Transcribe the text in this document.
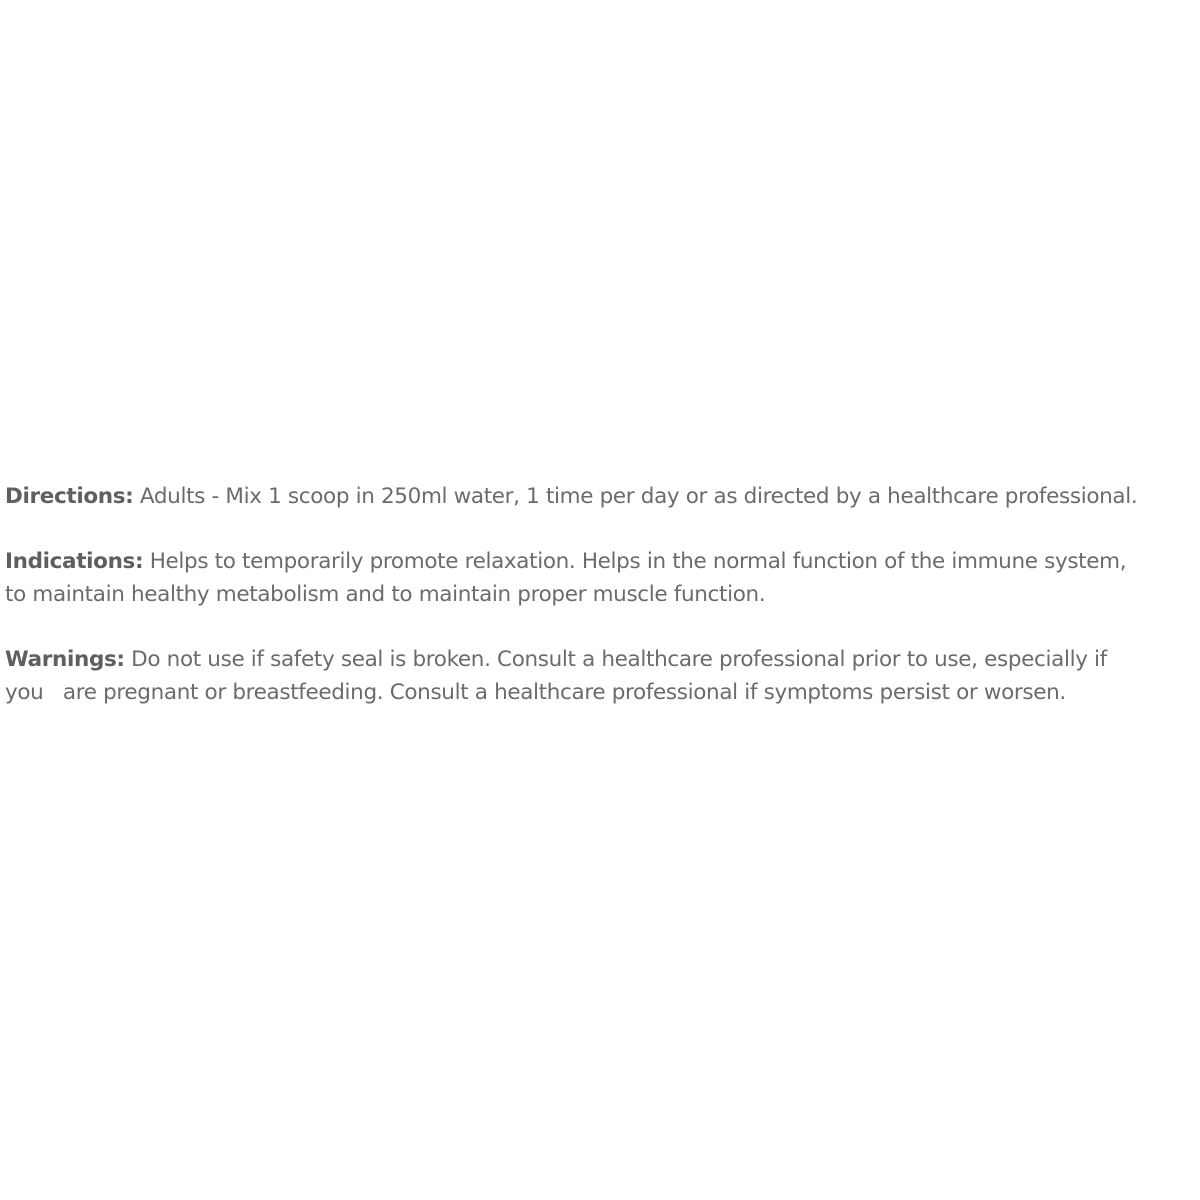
Directions: Adults - Mix 1 scoop in 250ml water, 1 time per day or as directed by a healthcare professional.

Indications: Helps to temporarily promote relaxation. Helps in the normal function of the immune system,
to maintain healthy metabolism and to maintain proper muscle function.

Warnings: Do not use if safety seal is broken. Consult a healthcare professional prior to use, especially if
you   are pregnant or breastfeeding. Consult a healthcare professional if symptoms persist or worsen.
